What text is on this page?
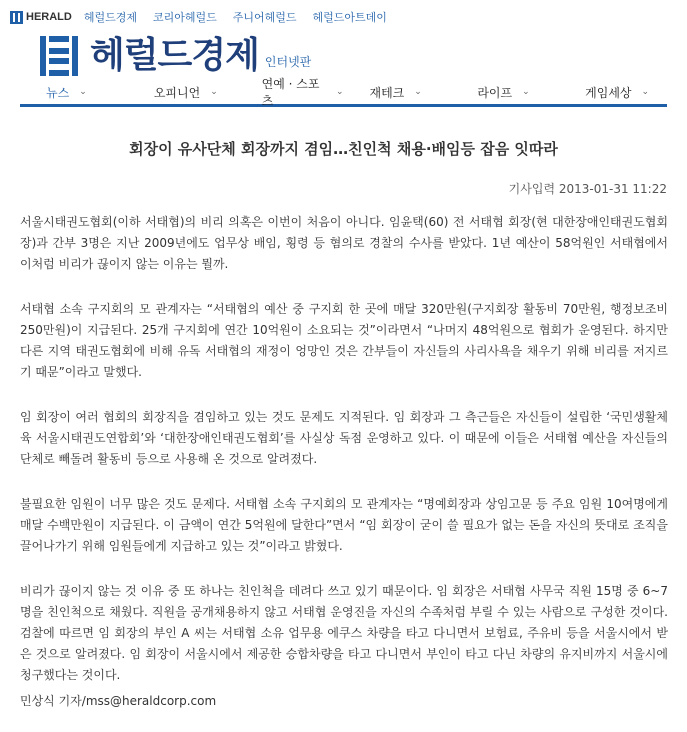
HERALD 헤럴드경제 코리아헤럴드 주니어헤럴드 헤럴드아트데이
헤럴드경제 인터넷판
뉴스 ⌄	오피니언 ⌄
연예 · 스포츠
⌄ 재테크 ⌄	라이프 ⌄	게임세상 ⌄
회장이 유사단체 회장까지 겸임…친인척 채용·배임등 잡음 잇따라
기사입력 2013-01-31 11:22

서울시태권도협회(이하 서태협)의 비리 의혹은 이번이 처음이 아니다. 임윤택(60) 전 서태협 회장(현 대한장애인태권도협회장)과 간부 3명은 지난 2009년에도 업무상 배임, 횡령 등 혐의로 경찰의 수사를 받았다. 1년 예산이 58억원인 서태협에서 이처럼 비리가 끊이지 않는 이유는 뭘까.

서태협 소속 구지회의 모 관계자는 “서태협의 예산 중 구지회 한 곳에 매달 320만원(구지회장 활동비 70만원, 행정보조비 250만원)이 지급된다. 25개 구지회에 연간 10억원이 소요되는 것”이라면서 “나머지 48억원으로 협회가 운영된다. 하지만 다른 지역 태권도협회에 비해 유독 서태협의 재정이 엉망인 것은 간부들이 자신들의 사리사욕을 채우기 위해 비리를 저지르기 때문”이라고 말했다.

임 회장이 여러 협회의 회장직을 겸임하고 있는 것도 문제도 지적된다. 임 회장과 그 측근들은 자신들이 설립한 ‘국민생활체육 서울시태권도연합회’와 ‘대한장애인태권도협회’를 사실상 독점 운영하고 있다. 이 때문에 이들은 서태협 예산을 자신들의 단체로 빼돌려 활동비 등으로 사용해 온 것으로 알려졌다.

불필요한 임원이 너무 많은 것도 문제다. 서태협 소속 구지회의 모 관계자는 “명예회장과 상임고문 등 주요 임원 10여명에게 매달 수백만원이 지급된다. 이 금액이 연간 5억원에 달한다”면서 “임 회장이 굳이 쓸 필요가 없는 돈을 자신의 뜻대로 조직을 끌어나가기 위해 임원들에게 지급하고 있는 것”이라고 밝혔다.

비리가 끊이지 않는 것 이유 중 또 하나는 친인척을 데려다 쓰고 있기 때문이다. 임 회장은 서태협 사무국 직원 15명 중 6~7명을 친인척으로 채웠다. 직원을 공개채용하지 않고 서태협 운영진을 자신의 수족처럼 부릴 수 있는 사람으로 구성한 것이다. 검찰에 따르면 임 회장의 부인 A 씨는 서태협 소유 업무용 에쿠스 차량을 타고 다니면서 보험료, 주유비 등을 서울시에서 받은 것으로 알려졌다. 임 회장이 서울시에서 제공한 승합차량을 타고 다니면서 부인이 타고 다닌 차량의 유지비까지 서울시에 청구했다는 것이다.

민상식 기자/mss@heraldcorp.com
